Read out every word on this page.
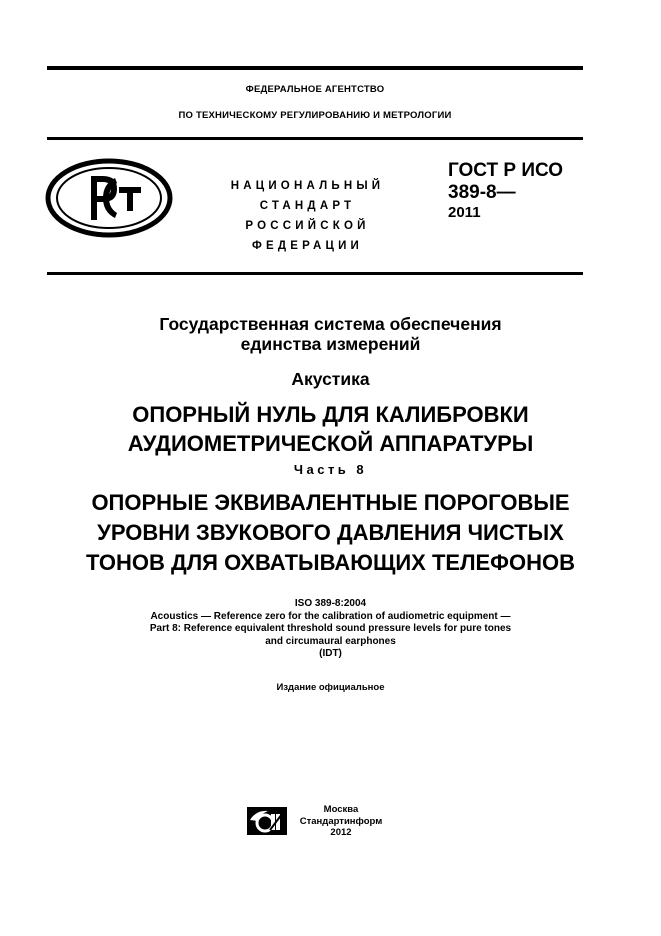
ФЕДЕРАЛЬНОЕ АГЕНТСТВО
ПО ТЕХНИЧЕСКОМУ РЕГУЛИРОВАНИЮ И МЕТРОЛОГИИ
НАЦИОНАЛЬНЫЙ
СТАНДАРТ
РОССИЙСКОЙ
ФЕДЕРАЦИИ
ГОСТ Р ИСО
389-8—
2011
Государственная система обеспечения
единства измерений
Акустика
ОПОРНЫЙ НУЛЬ ДЛЯ КАЛИБРОВКИ
АУДИОМЕТРИЧЕСКОЙ АППАРАТУРЫ
Часть 8
ОПОРНЫЕ ЭКВИВАЛЕНТНЫЕ ПОРОГОВЫЕ
УРОВНИ ЗВУКОВОГО ДАВЛЕНИЯ ЧИСТЫХ
ТОНОВ ДЛЯ ОХВАТЫВАЮЩИХ ТЕЛЕФОНОВ
ISO 389-8:2004
Acoustics — Reference zero for the calibration of audiometric equipment —
Part 8: Reference equivalent threshold sound pressure levels for pure tones
and circumaural earphones
(IDT)
Издание официальное
Москва
Стандартинформ
2012
